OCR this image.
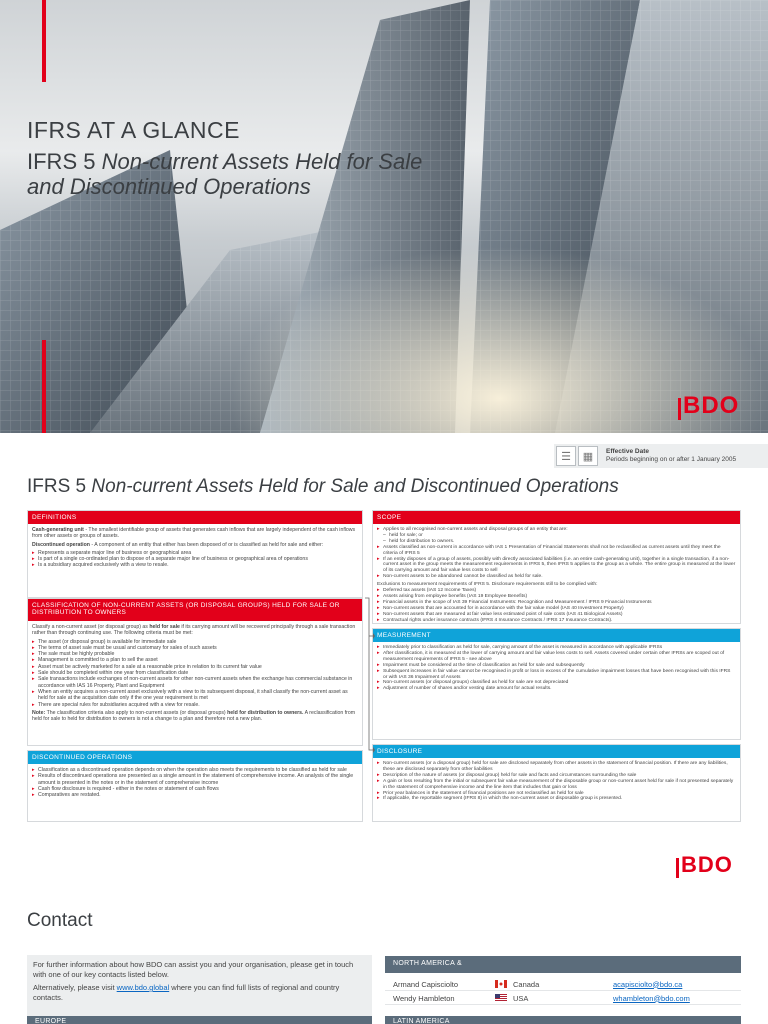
IFRS AT A GLANCE
IFRS 5 Non-current Assets Held for Sale
and Discontinued Operations
BDO
☰	▦	Effective Date
Periods beginning on or after 1 January 2005
IFRS 5 Non-current Assets Held for Sale and Discontinued Operations
DEFINITIONS

Cash-generating unit - The smallest identifiable group of assets that generates cash inflows that are largely independent of the cash inflows from other assets or groups of assets.

Discontinued operation - A component of an entity that either has been disposed of or is classified as held for sale and either:

▸ Represents a separate major line of business or geographical area
▸ Is part of a single co-ordinated plan to dispose of a separate major line of business or geographical area of operations
▸ Is a subsidiary acquired exclusively with a view to resale.
CLASSIFICATION OF NON-CURRENT ASSETS (OR DISPOSAL GROUPS) HELD FOR SALE OR DISTRIBUTION TO OWNERS

Classify a non-current asset (or disposal group) as held for sale if its carrying amount will be recovered principally through a sale transaction rather than through continuing use. The following criteria must be met:

▸ The asset (or disposal group) is available for immediate sale
▸ The terms of asset sale must be usual and customary for sales of such assets
▸ The sale must be highly probable
▸ Management is committed to a plan to sell the asset
▸ Asset must be actively marketed for a sale at a reasonable price in relation to its current fair value
▸ Sale should be completed within one year from classification date
▸ Sale transactions include exchanges of non-current assets for other non-current assets when the exchange has commercial substance in accordance with IAS 16 Property, Plant and Equipment
▸ When an entity acquires a non-current asset exclusively with a view to its subsequent disposal, it shall classify the non-current asset as held for sale at the acquisition date only if the one year requirement is met
▸ There are special rules for subsidiaries acquired with a view for resale.

Note: The classification criteria also apply to non-current assets (or disposal groups) held for distribution to owners. A reclassification from held for sale to held for distribution to owners is not a change to a plan and therefore not a new plan.

DISCONTINUED OPERATIONS
▸ Classification as a discontinued operation depends on when the operation also meets the requirements to be classified as held for sale
▸ Results of discontinued operations are presented as a single amount in the statement of comprehensive income. An analysis of the single amount is presented in the notes or in the statement of comprehensive income
▸ Cash flow disclosure is required - either in the notes or statement of cash flows
▸ Comparatives are restated.
SCOPE
▸ Applies to all recognised non-current assets and disposal groups of an entity that are:
– held for sale; or
– held for distribution to owners.
▸ Assets classified as non-current in accordance with IAS 1 Presentation of Financial Statements shall not be reclassified as current assets until they meet the criteria of IFRS 5
▸ If an entity disposes of a group of assets, possibly with directly associated liabilities (i.e. an entire cash-generating unit), together in a single transaction, if a non-current asset in the group meets the measurement requirements in IFRS 5, then IFRS 5 applies to the group as a whole. The entire group is measured at the lower of its carrying amount and fair value less costs to sell
▸ Non-current assets to be abandoned cannot be classified as held for sale.

Exclusions to measurement requirements of IFRS 5. Disclosure requirements still to be complied with:

▸ Deferred tax assets (IAS 12 Income Taxes)
▸ Assets arising from employee benefits (IAS 19 Employee Benefits)
▸ Financial assets in the scope of IAS 39 Financial Instruments: Recognition and Measurement / IFRS 9 Financial Instruments
▸ Non-current assets that are accounted for in accordance with the fair value model (IAS 40 Investment Property)
▸ Non-current assets that are measured at fair value less estimated point of sale costs (IAS 41 Biological Assets)
▸ Contractual rights under insurance contracts (IFRS 4 Insurance Contracts / IFRS 17 Insurance Contracts).
MEASUREMENT
▸ Immediately prior to classification as held for sale, carrying amount of the asset is measured in accordance with applicable IFRSs
▸ After classification, it is measured at the lower of carrying amount and fair value less costs to sell. Assets covered under certain other IFRSs are scoped out of measurement requirements of IFRS 5 - see above
▸ Impairment must be considered at the time of classification as held for sale and subsequently
▸ Subsequent increases in fair value cannot be recognised in profit or loss in excess of the cumulative impairment losses that have been recognised with this IFRS or with IAS 36 Impairment of Assets
▸ Non-current assets (or disposal groups) classified as held for sale are not depreciated
▸ Adjustment of number of shares and/or vesting date amount for actual results.
DISCLOSURE
▸ Non-current assets (or a disposal group) held for sale are disclosed separately from other assets in the statement of financial position. If there are any liabilities, these are disclosed separately from other liabilities
▸ Description of the nature of assets (or disposal group) held for sale and facts and circumstances surrounding the sale
▸ A gain or loss resulting from the initial or subsequent fair value measurement of the disposable group or non-current asset held for sale if not presented separately in the statement of comprehensive income and the line item that includes that gain or loss
▸ Prior year balances in the statement of financial positions are not reclassified as held for sale
▸ If applicable, the reportable segment (IFRS 8) in which the non-current asset or disposable group is presented.
BDO
Contact

For further information about how BDO can assist you and your organisation, please get in touch with one of our key contacts listed below.

Alternatively, please visit www.bdo.global where you can find full lists of regional and country contacts.

NORTH AMERICA &
Armand Capisciolto	Canada	acapisciolto@bdo.ca
Wendy Hambleton	USA	whambleton@bdo.com
EUROPE	LATIN AMERICA
